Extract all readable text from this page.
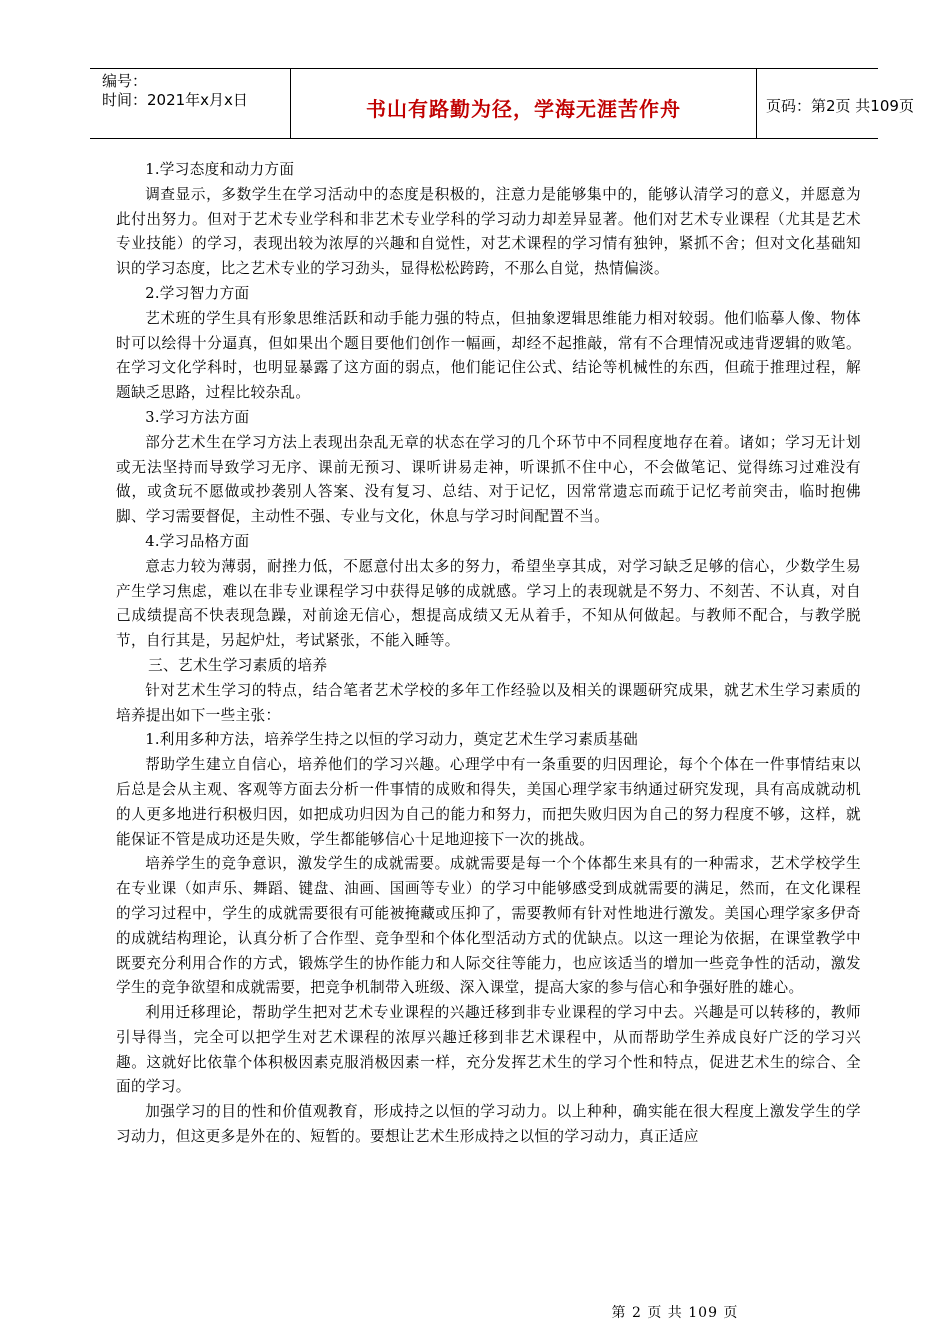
编号：
时间：2021年x月x日	书山有路勤为径，学海无涯苦作舟	页码：第2页 共109页

1.学习态度和动力方面

调查显示，多数学生在学习活动中的态度是积极的，注意力是能够集中的，能够认清学习的意义，并愿意为此付出努力。但对于艺术专业学科和非艺术专业学科的学习动力却差异显著。他们对艺术专业课程（尤其是艺术专业技能）的学习，表现出较为浓厚的兴趣和自觉性，对艺术课程的学习情有独钟，紧抓不舍；但对文化基础知识的学习态度，比之艺术专业的学习劲头，显得松松跨跨，不那么自觉，热情偏淡。

2.学习智力方面

艺术班的学生具有形象思维活跃和动手能力强的特点，但抽象逻辑思维能力相对较弱。他们临摹人像、物体时可以绘得十分逼真，但如果出个题目要他们创作一幅画，却经不起推敲，常有不合理情况或违背逻辑的败笔。在学习文化学科时，也明显暴露了这方面的弱点，他们能记住公式、结论等机械性的东西，但疏于推理过程，解题缺乏思路，过程比较杂乱。

3.学习方法方面

部分艺术生在学习方法上表现出杂乱无章的状态在学习的几个环节中不同程度地存在着。诸如；学习无计划或无法坚持而导致学习无序、课前无预习、课听讲易走神，听课抓不住中心，不会做笔记、觉得练习过难没有做，或贪玩不愿做或抄袭别人答案、没有复习、总结、对于记忆，因常常遗忘而疏于记忆考前突击，临时抱佛脚、学习需要督促，主动性不强、专业与文化，休息与学习时间配置不当。

4.学习品格方面

意志力较为薄弱，耐挫力低，不愿意付出太多的努力，希望坐享其成，对学习缺乏足够的信心，少数学生易产生学习焦虑，难以在非专业课程学习中获得足够的成就感。学习上的表现就是不努力、不刻苦、不认真，对自己成绩提高不快表现急躁，对前途无信心，想提高成绩又无从着手，不知从何做起。与教师不配合，与教学脱节，自行其是，另起炉灶，考试紧张，不能入睡等。

三、艺术生学习素质的培养

针对艺术生学习的特点，结合笔者艺术学校的多年工作经验以及相关的课题研究成果，就艺术生学习素质的培养提出如下一些主张：

1.利用多种方法，培养学生持之以恒的学习动力，奠定艺术生学习素质基础

帮助学生建立自信心，培养他们的学习兴趣。心理学中有一条重要的归因理论，每个个体在一件事情结束以后总是会从主观、客观等方面去分析一件事情的成败和得失，美国心理学家韦纳通过研究发现，具有高成就动机的人更多地进行积极归因，如把成功归因为自己的能力和努力，而把失败归因为自己的努力程度不够，这样，就能保证不管是成功还是失败，学生都能够信心十足地迎接下一次的挑战。

培养学生的竞争意识，激发学生的成就需要。成就需要是每一个个体都生来具有的一种需求，艺术学校学生在专业课（如声乐、舞蹈、键盘、油画、国画等专业）的学习中能够感受到成就需要的满足，然而，在文化课程的学习过程中，学生的成就需要很有可能被掩藏或压抑了，需要教师有针对性地进行激发。美国心理学家多伊奇的成就结构理论，认真分析了合作型、竞争型和个体化型活动方式的优缺点。以这一理论为依据，在课堂教学中既要充分利用合作的方式，锻炼学生的协作能力和人际交往等能力，也应该适当的增加一些竞争性的活动，激发学生的竞争欲望和成就需要，把竞争机制带入班级、深入课堂，提高大家的参与信心和争强好胜的雄心。

利用迁移理论，帮助学生把对艺术专业课程的兴趣迁移到非专业课程的学习中去。兴趣是可以转移的，教师引导得当，完全可以把学生对艺术课程的浓厚兴趣迁移到非艺术课程中，从而帮助学生养成良好广泛的学习兴趣。这就好比依靠个体积极因素克服消极因素一样，充分发挥艺术生的学习个性和特点，促进艺术生的综合、全面的学习。

加强学习的目的性和价值观教育，形成持之以恒的学习动力。以上种种，确实能在很大程度上激发学生的学习动力，但这更多是外在的、短暂的。要想让艺术生形成持之以恒的学习动力，真正适应

第 2 页 共 109 页
